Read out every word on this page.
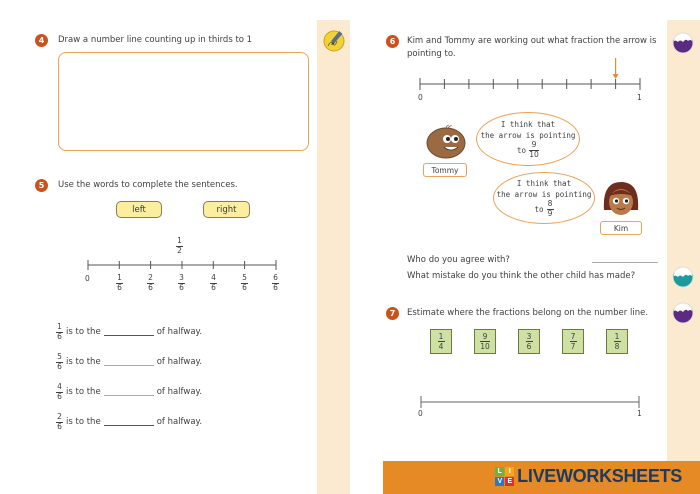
4	Draw a number line counting up in thirds to 1
5	Use the words to complete the sentences.
left	right
$\frac{1}{2}$
0	$\frac{1}{6}$	$\frac{2}{6}$	$\frac{3}{6}$	$\frac{4}{6}$	$\frac{5}{6}$	$\frac{6}{6}$
$\frac{1}{6}$ is to the	of halfway.
$\frac{5}{6}$ is to the	of halfway.
$\frac{4}{6}$ is to the	of halfway.
$\frac{2}{6}$ is to the	of halfway.
6	Kim and Tommy are working out what fraction the arrow is
pointing to.
0	1
Tommy
I think that
the arrow is pointing
to $\frac{9}{10}$
I think that
the arrow is pointing
to $\frac{8}{9}$
Kim
Who do you agree with?
What mistake do you think the other child has made?
7	Estimate where the fractions belong on the number line.
$\frac{1}{4}$	$\frac{9}{10}$	$\frac{3}{6}$	$\frac{7}{7}$	$\frac{1}{8}$
0	1
L	I
V E LIVEWORKSHEETS
